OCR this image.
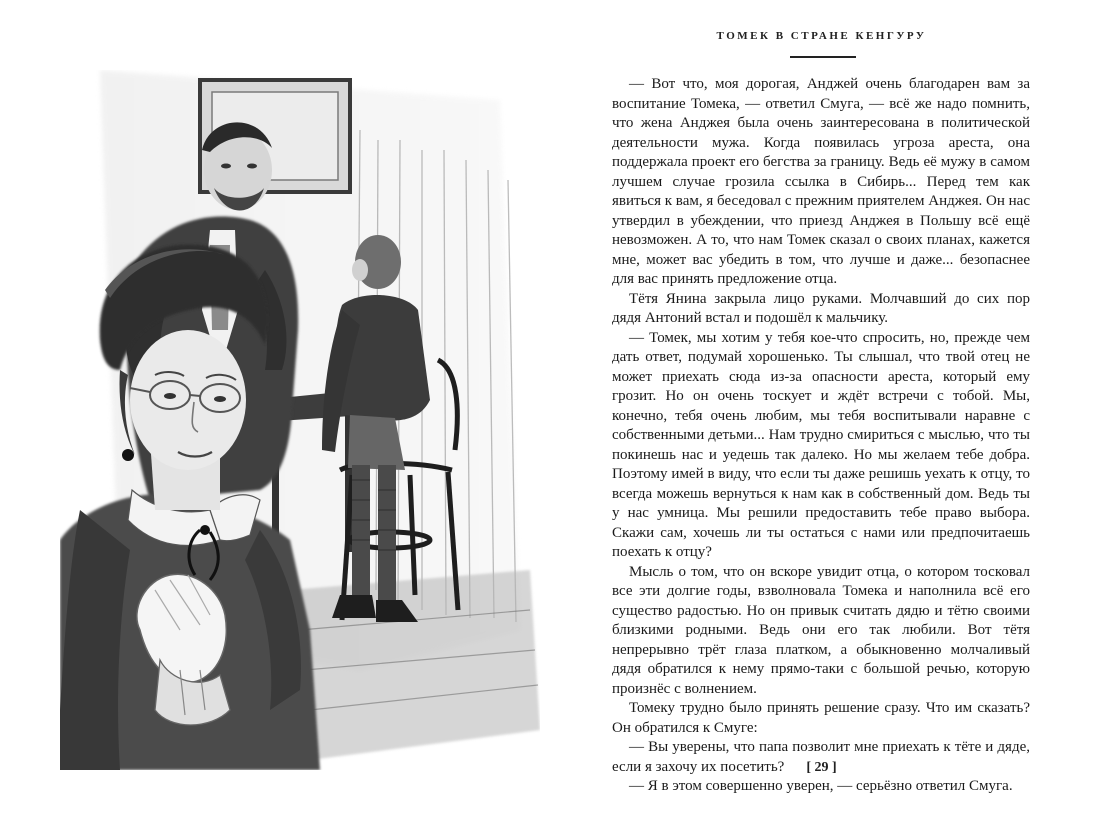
ТОМЕК В СТРАНЕ КЕНГУРУ

— Вот что, моя дорогая, Анджей очень благодарен вам за воспитание Томека, — ответил Смуга, — всё же надо помнить, что жена Анджея была очень заинтересована в политической деятельности мужа. Когда появилась угроза ареста, она поддержала проект его бегства за границу. Ведь её мужу в самом лучшем случае грозила ссылка в Сибирь... Перед тем как явиться к вам, я беседовал с прежним приятелем Анджея. Он нас утвердил в убеждении, что приезд Анджея в Польшу всё ещё невозможен. А то, что нам Томек сказал о своих планах, кажется мне, может вас убедить в том, что лучше и даже... безопаснее для вас принять предложение отца.

Тётя Янина закрыла лицо руками. Молчавший до сих пор дядя Антоний встал и подошёл к мальчику.

— Томек, мы хотим у тебя кое-что спросить, но, прежде чем дать ответ, подумай хорошенько. Ты слышал, что твой отец не может приехать сюда из-за опасности ареста, который ему грозит. Но он очень тоскует и ждёт встречи с тобой. Мы, конечно, тебя очень любим, мы тебя воспитывали наравне с собственными детьми... Нам трудно смириться с мыслью, что ты покинешь нас и уедешь так далеко. Но мы желаем тебе добра. Поэтому имей в виду, что если ты даже решишь уехать к отцу, то всегда можешь вернуться к нам как в собственный дом. Ведь ты у нас умница. Мы решили предоставить тебе право выбора. Скажи сам, хочешь ли ты остаться с нами или предпочитаешь поехать к отцу?

Мысль о том, что он вскоре увидит отца, о котором тосковал все эти долгие годы, взволновала Томека и наполнила всё его существо радостью. Но он привык считать дядю и тётю своими близкими родными. Ведь они его так любили. Вот тётя непрерывно трёт глаза платком, а обыкновенно молчаливый дядя обратился к нему прямо-таки с большой речью, которую произнёс с волнением.

Томеку трудно было принять решение сразу. Что им сказать? Он обратился к Смуге:

— Вы уверены, что папа позволит мне приехать к тёте и дяде, если я захочу их посетить?

— Я в этом совершенно уверен, — серьёзно ответил Смуга.

[ 29 ]
